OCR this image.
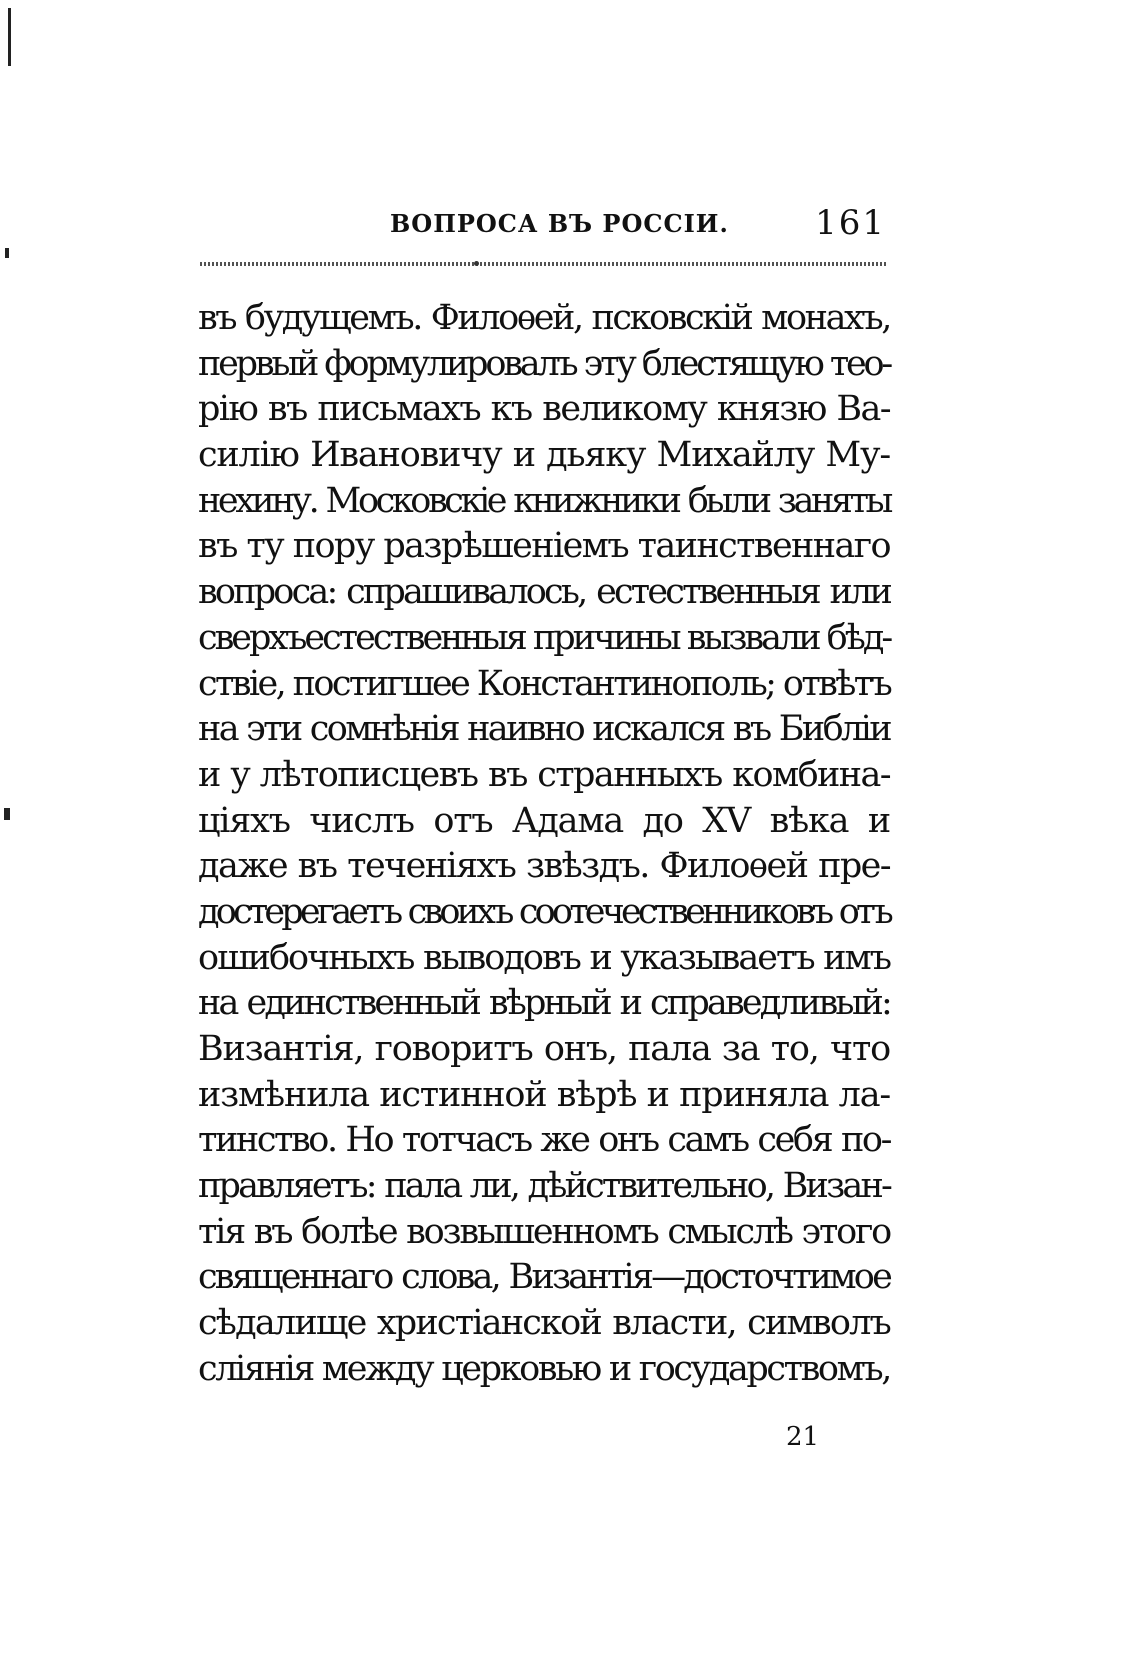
ВОПРОСА ВЪ РОССІИ.	161
въ будущемъ. Филоѳей, псковскій монахъ,
первый формулировалъ эту блестящую тео-
рію въ письмахъ къ великому князю Ва-
силію Ивановичу и дьяку Михайлу Му-
нехину. Московскіе книжники были заняты
въ ту пору разрѣшеніемъ таинственнаго
вопроса: спрашивалось, естественныя или
сверхъестественныя причины вызвали бѣд-
ствіе, постигшее Константинополь; отвѣтъ
на эти сомнѣнія наивно искался въ Библіи
и у лѣтописцевъ въ странныхъ комбина-
ціяхъ числъ отъ Адама до XV вѣка и
даже въ теченіяхъ звѣздъ. Филоѳей пре-
достерегаетъ своихъ соотечественниковъ отъ
ошибочныхъ выводовъ и указываетъ имъ
на единственный вѣрный и справедливый:
Византія, говоритъ онъ, пала за то, что
измѣнила истинной вѣрѣ и приняла ла-
тинство. Но тотчасъ же онъ самъ себя по-
правляетъ: пала ли, дѣйствительно, Визан-
тія въ болѣе возвышенномъ смыслѣ этого
священнаго слова, Византія—досточтимое
сѣдалище христіанской власти, символъ
сліянія между церковью и государствомъ,
21
